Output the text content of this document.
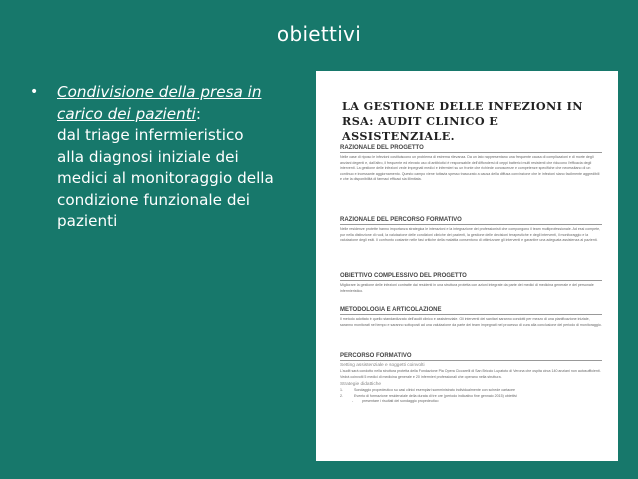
obiettivi
• Condivisione della presa in carico dei pazienti:
dal triage infermieristico
alla diagnosi iniziale dei
medici al monitoraggio della
condizione funzionale dei
pazienti
LA GESTIONE DELLE INFEZIONI IN RSA: AUDIT CLINICO E ASSISTENZIALE.
RAZIONALE DEL PROGETTO
Nelle case di riposo le infezioni costituiscono un problema di estrema rilevanza. Da un lato rappresentano una frequente causa di complicazioni e di morte degli anziani degenti e, dall'altro, il frequente ed elevato uso di antibiotici è responsabile dell'diffondersi di ceppi batterici multi resistenti che riducono l'efficacia degli interventi. La gestione delle infezioni vede impegnati medici e infermieri su un fronte che richiede conoscenze e competenze specifiche che necessitano di un continuo e incessante aggiornamento. Questo campo viene tuttavia spesso trascurato a causa della diffusa convinzione che le infezioni siano facilmente aggredibili e che la disponibilità di farmaci efficaci sia illimitata.
RAZIONALE DEL PERCORSO FORMATIVO
Nelle residenze protette hanno importanza strategica le interazioni e la integrazione dei professionisti che compongono il team multiprofessionale. Ad essi compete, pur nella distinzione di ruoli, la valutazione delle condizioni cliniche dei pazienti, la gestione delle decisioni terapeutiche e degli interventi, il monitoraggio e la valutazione degli esiti. Il confronto costante nelle fasi critiche della malattia consentono di ottimizzare gli interventi e garantire una adeguata assistenza ai pazienti.
OBIETTIVO COMPLESSIVO DEL PROGETTO
Migliorare la gestione delle infezioni contratte dai residenti in una struttura protetta con azioni integrate da parte dei medici di medicina generale e del personale infermieristico.
METODOLOGIA E ARTICOLAZIONE
Il metodo adottato è quello standardizzato dell'audit clinico e assistenziale. Gli interventi dei sanitari saranno condotti per mezzo di una pianificazione iniziale, saranno monitorati nel tempo e saranno sottoposti ad una valutazione da parte dei team impegnati nel processo di cura alla conclusione del periodo di monitoraggio.
PERCORSO FORMATIVO
Setting assistenziale e soggetti coinvolti
L'audit sarà condotto nella struttura protetta della Fondazione Pia Opera Ciccarelli di San Briccio Lupatoto di Verona che ospita circa 140 anziani non autosufficienti. Vedrà coinvolti 5 medici di medicina generale e 20 infermieri professionali che operano nella struttura.
Strategie didattiche
1.	Sondaggio propedeutico su casi clinici esemplari somministrato individualmente con schede cartacee
2.	Evento di formazione residenziale della durata di tre ore (periodo indicativo fine gennaio 2015) obiettivi
- presentare i risultati del sondaggio propedeutico
